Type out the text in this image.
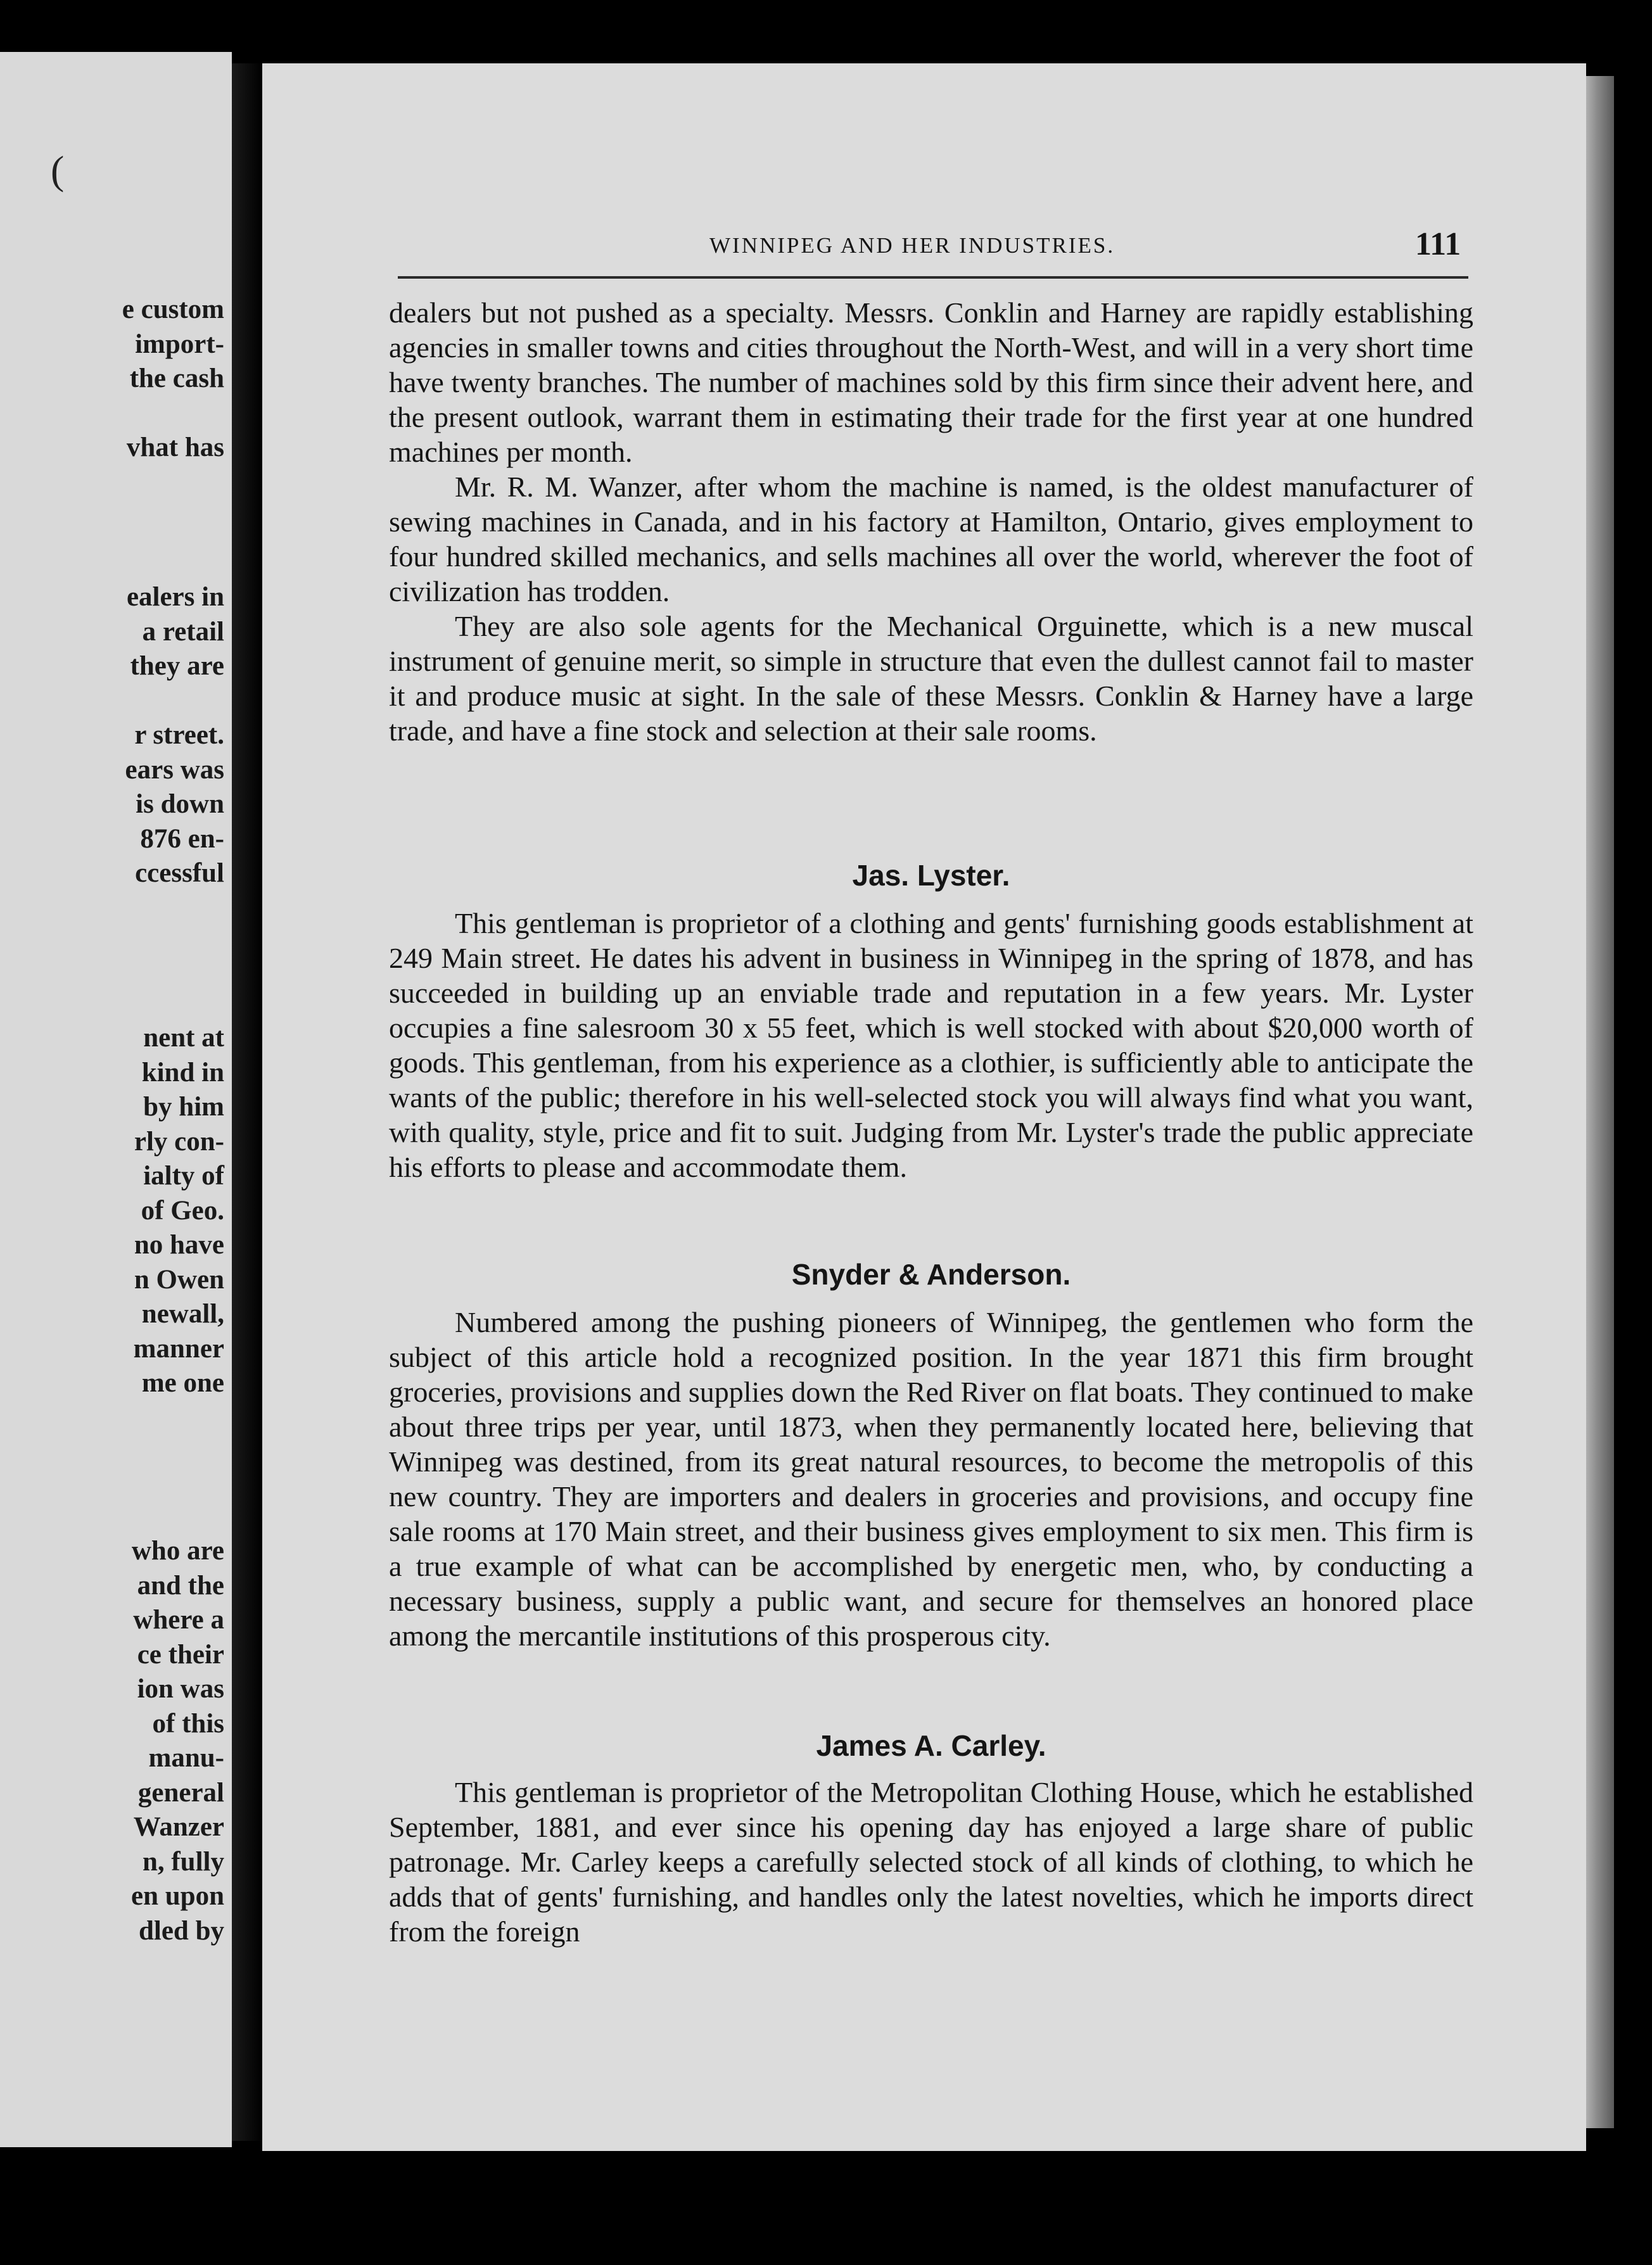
(
e custom
import-
the cash

vhat has
ealers in
a retail
they are

r street.
ears was
is down
876 en-
ccessful
nent at
kind in
by him
rly con-
ialty of
of Geo.
no have
n Owen
newall,
manner
me one
who are
and the
where a
ce their
ion was
of this
manu-
general
Wanzer
n, fully
en upon
dled by
WINNIPEG AND HER INDUSTRIES.	111

dealers but not pushed as a specialty. Messrs. Conklin and Harney are rapidly establishing agencies in smaller towns and cities throughout the North-West, and will in a very short time have twenty branches. The number of machines sold by this firm since their advent here, and the present outlook, warrant them in estimating their trade for the first year at one hundred machines per month.

Mr. R. M. Wanzer, after whom the machine is named, is the oldest manufacturer of sewing machines in Canada, and in his factory at Hamilton, Ontario, gives employment to four hundred skilled mechanics, and sells machines all over the world, wherever the foot of civilization has trodden.

They are also sole agents for the Mechanical Orguinette, which is a new muscal instrument of genuine merit, so simple in structure that even the dullest cannot fail to master it and produce music at sight. In the sale of these Messrs. Conklin & Harney have a large trade, and have a fine stock and selection at their sale rooms.

Jas. Lyster.

This gentleman is proprietor of a clothing and gents' furnishing goods establishment at 249 Main street. He dates his advent in business in Winnipeg in the spring of 1878, and has succeeded in building up an enviable trade and reputation in a few years. Mr. Lyster occupies a fine salesroom 30 x 55 feet, which is well stocked with about $20,000 worth of goods. This gentleman, from his experience as a clothier, is sufficiently able to anticipate the wants of the public; therefore in his well-selected stock you will always find what you want, with quality, style, price and fit to suit. Judging from Mr. Lyster's trade the public appreciate his efforts to please and accommodate them.

Snyder & Anderson.

Numbered among the pushing pioneers of Winnipeg, the gentlemen who form the subject of this article hold a recognized position. In the year 1871 this firm brought groceries, provisions and supplies down the Red River on flat boats. They continued to make about three trips per year, until 1873, when they permanently located here, believing that Winnipeg was destined, from its great natural resources, to become the metropolis of this new country. They are importers and dealers in groceries and provisions, and occupy fine sale rooms at 170 Main street, and their business gives employment to six men. This firm is a true example of what can be accomplished by energetic men, who, by conducting a necessary business, supply a public want, and secure for themselves an honored place among the mercantile institutions of this prosperous city.

James A. Carley.

This gentleman is proprietor of the Metropolitan Clothing House, which he established September, 1881, and ever since his opening day has enjoyed a large share of public patronage. Mr. Carley keeps a carefully selected stock of all kinds of clothing, to which he adds that of gents' furnishing, and handles only the latest novelties, which he imports direct from the foreign
